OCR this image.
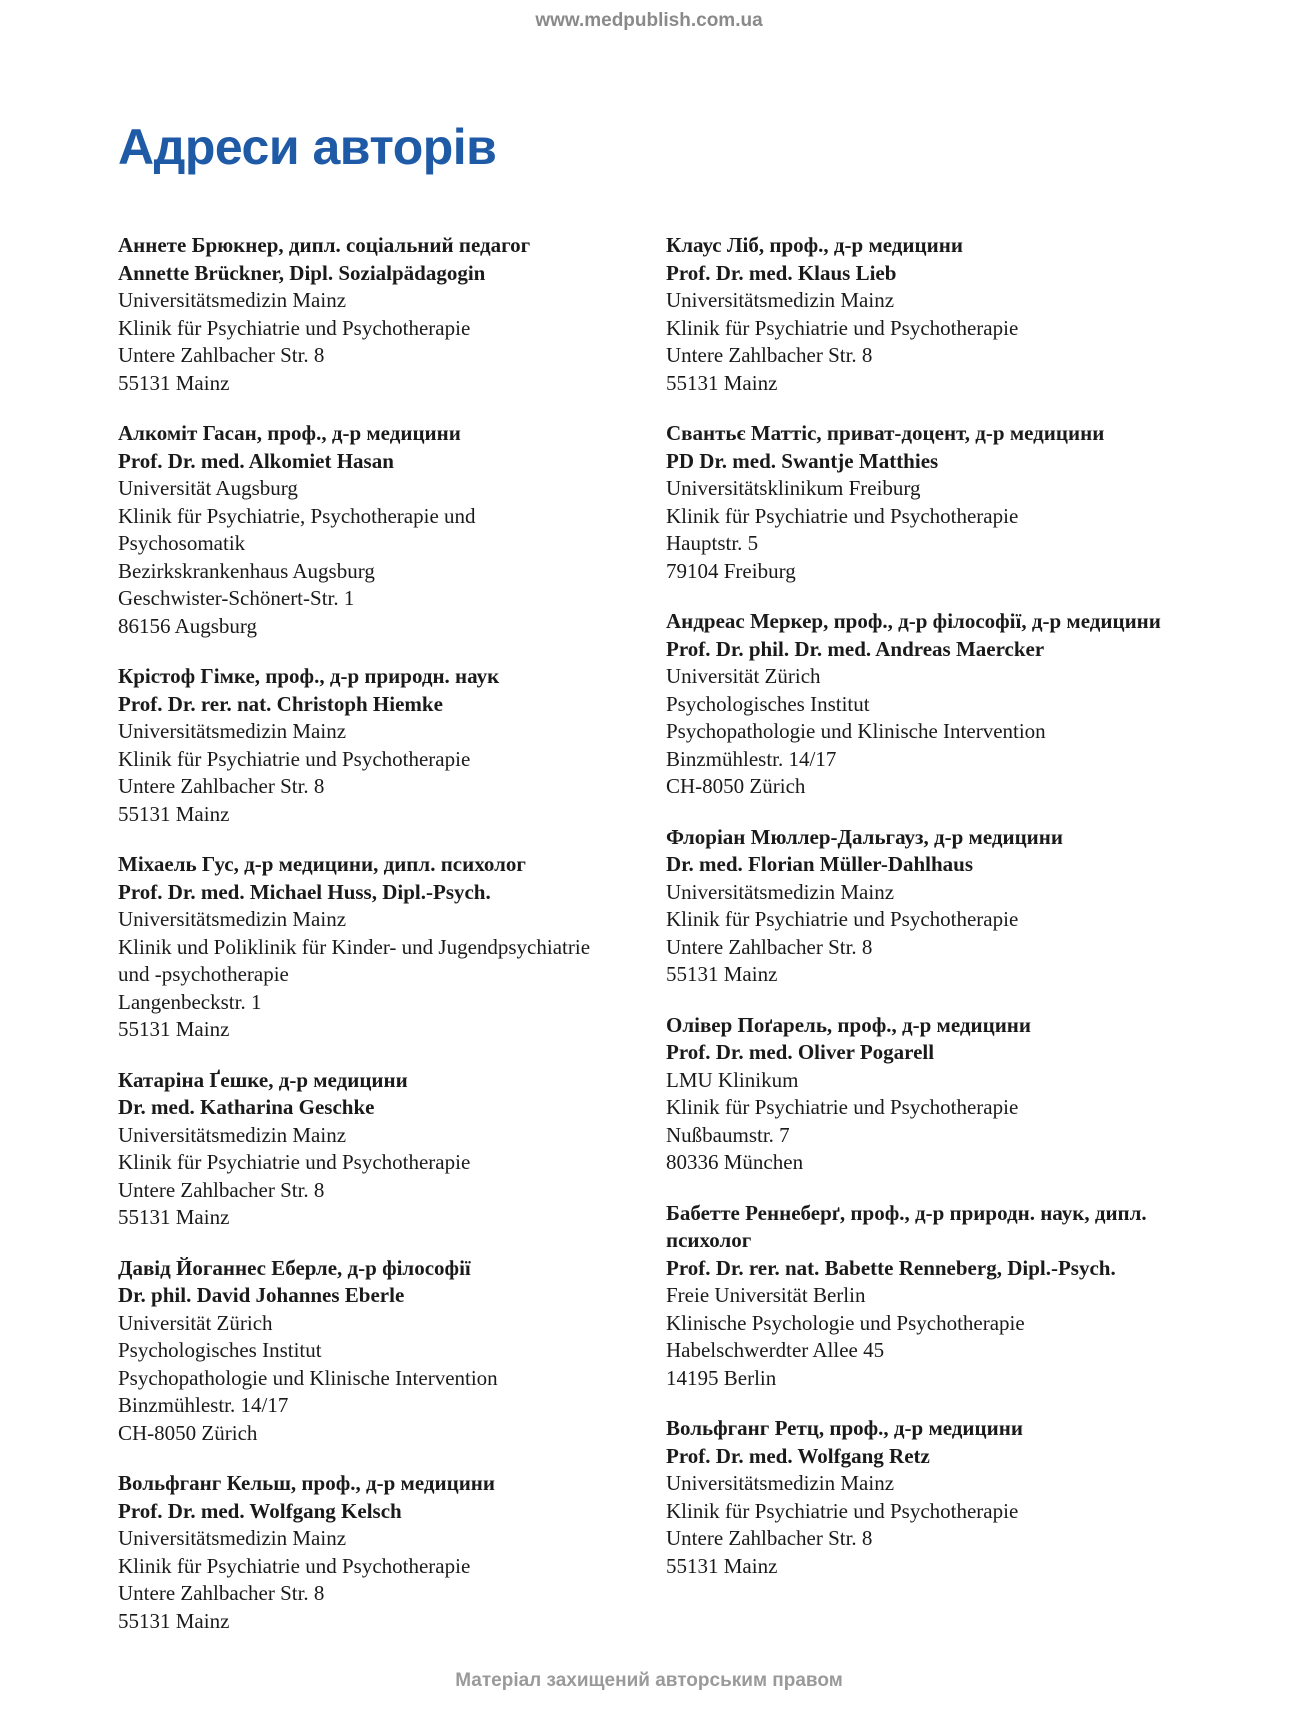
www.medpublish.com.ua
Адреси авторів
Аннете Брюкнер, дипл. соціальний педагог
Annette Brückner, Dipl. Sozialpädagogin
Universitätsmedizin Mainz
Klinik für Psychiatrie und Psychotherapie
Untere Zahlbacher Str. 8
55131 Mainz
Алкоміт Гасан, проф., д-р медицини
Prof. Dr. med. Alkomiet Hasan
Universität Augsburg
Klinik für Psychiatrie, Psychotherapie und
Psychosomatik
Bezirkskrankenhaus Augsburg
Geschwister-Schönert-Str. 1
86156 Augsburg
Крістоф Гімке, проф., д-р природн. наук
Prof. Dr. rer. nat. Christoph Hiemke
Universitätsmedizin Mainz
Klinik für Psychiatrie und Psychotherapie
Untere Zahlbacher Str. 8
55131 Mainz
Міхаель Гус, д-р медицини, дипл. психолог
Prof. Dr. med. Michael Huss, Dipl.-Psych.
Universitätsmedizin Mainz
Klinik und Poliklinik für Kinder- und Jugendpsychiatrie
und -psychotherapie
Langenbeckstr. 1
55131 Mainz
Катаріна Ґешке, д-р медицини
Dr. med. Katharina Geschke
Universitätsmedizin Mainz
Klinik für Psychiatrie und Psychotherapie
Untere Zahlbacher Str. 8
55131 Mainz
Давід Йоганнес Еберле, д-р філософії
Dr. phil. David Johannes Eberle
Universität Zürich
Psychologisches Institut
Psychopathologie und Klinische Intervention
Binzmühlestr. 14/17
CH-8050 Zürich
Вольфганг Кельш, проф., д-р медицини
Prof. Dr. med. Wolfgang Kelsch
Universitätsmedizin Mainz
Klinik für Psychiatrie und Psychotherapie
Untere Zahlbacher Str. 8
55131 Mainz
Клаус Ліб, проф., д-р медицини
Prof. Dr. med. Klaus Lieb
Universitätsmedizin Mainz
Klinik für Psychiatrie und Psychotherapie
Untere Zahlbacher Str. 8
55131 Mainz
Свантьє Маттіс, приват-доцент, д-р медицини
PD Dr. med. Swantje Matthies
Universitätsklinikum Freiburg
Klinik für Psychiatrie und Psychotherapie
Hauptstr. 5
79104 Freiburg
Андреас Меркер, проф., д-р філософії, д-р медицини
Prof. Dr. phil. Dr. med. Andreas Maercker
Universität Zürich
Psychologisches Institut
Psychopathologie und Klinische Intervention
Binzmühlestr. 14/17
CH-8050 Zürich
Флоріан Мюллер-Дальгауз, д-р медицини
Dr. med. Florian Müller-Dahlhaus
Universitätsmedizin Mainz
Klinik für Psychiatrie und Psychotherapie
Untere Zahlbacher Str. 8
55131 Mainz
Олівер Поґарель, проф., д-р медицини
Prof. Dr. med. Oliver Pogarell
LMU Klinikum
Klinik für Psychiatrie und Psychotherapie
Nußbaumstr. 7
80336 München
Бабетте Реннеберґ, проф., д-р природн. наук, дипл. психолог
Prof. Dr. rer. nat. Babette Renneberg, Dipl.-Psych.
Freie Universität Berlin
Klinische Psychologie und Psychotherapie
Habelschwerdter Allee 45
14195 Berlin
Вольфганг Ретц, проф., д-р медицини
Prof. Dr. med. Wolfgang Retz
Universitätsmedizin Mainz
Klinik für Psychiatrie und Psychotherapie
Untere Zahlbacher Str. 8
55131 Mainz
Матеріал захищений авторським правом
